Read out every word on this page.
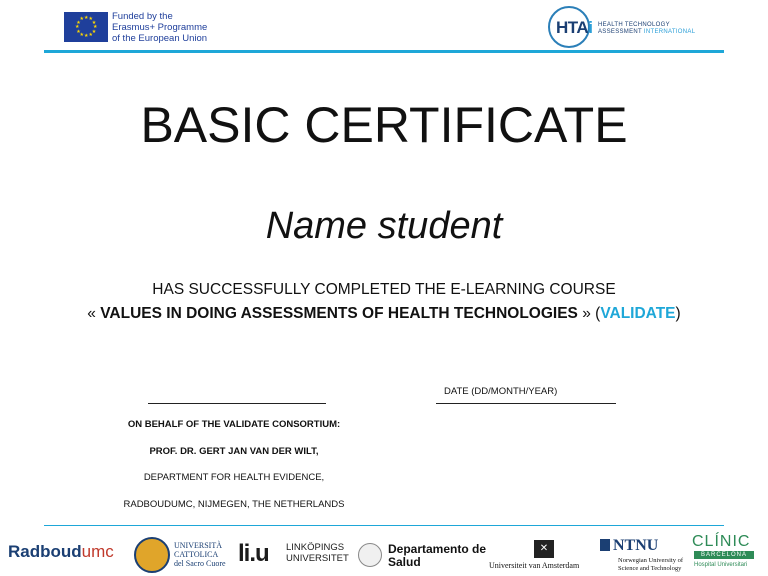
★ ★
★
★
★
★
★
★
★
★
★
★	Funded by the
Erasmus+ Programme
of the European Union
HTAi HEALTH TECHNOLOGY
ASSESSMENT INTERNATIONAL
BASIC CERTIFICATE
Name student
HAS SUCCESSFULLY COMPLETED THE E-LEARNING COURSE
« VALUES IN DOING ASSESSMENTS OF HEALTH TECHNOLOGIES » (VALIDATE)
DATE (DD/MONTH/YEAR)
ON BEHALF OF THE VALIDATE CONSORTIUM:
PROF. DR. GERT JAN VAN DER WILT,
DEPARTMENT FOR HEALTH EVIDENCE,
RADBOUDUMC, NIJMEGEN, THE NETHERLANDS
Radboudumc	UNIVERSITÀ
CATTOLICA
del Sacro Cuore li.u LINKÖPINGS
UNIVERSITET
Departamento de
Salud
✕
Universiteit van Amsterdam
NTNU
Norwegian University of
Science and Technology
CLÍNIC
BARCELONA
Hospital Universitari
